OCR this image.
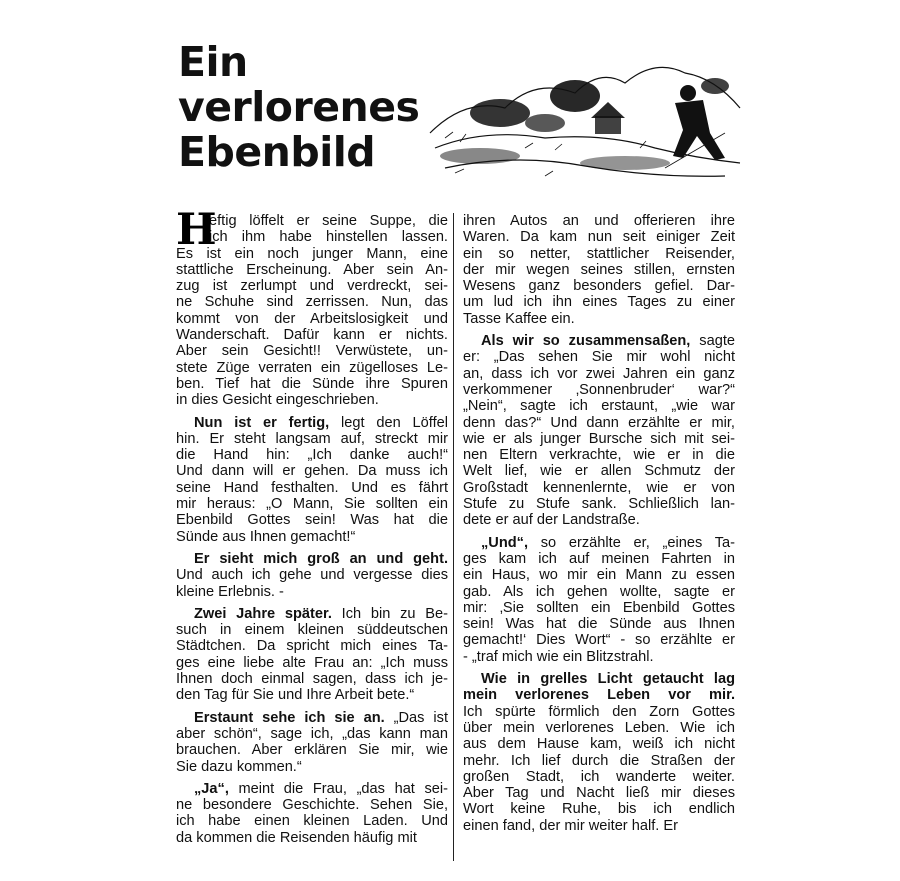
Ein
verlorenes
Ebenbild
H
eftig löffelt er seine Suppe, die
ich ihm habe hinstellen lassen.
Es ist ein noch junger Mann, eine
stattliche Erscheinung. Aber sein An-
zug ist zerlumpt und verdreckt, sei-
ne Schuhe sind zerrissen. Nun, das
kommt von der Arbeitslosigkeit und
Wanderschaft. Dafür kann er nichts.
Aber sein Gesicht!! Verwüstete, un-
stete Züge verraten ein zügelloses Le-
ben. Tief hat die Sünde ihre Spuren
in dies Gesicht eingeschrieben.
Nun ist er fertig, legt den Löffel
hin. Er steht langsam auf, streckt mir
die Hand hin: „Ich danke auch!“
Und dann will er gehen. Da muss ich
seine Hand festhalten. Und es fährt
mir heraus: „O Mann, Sie sollten ein
Ebenbild Gottes sein! Was hat die
Sünde aus Ihnen gemacht!“
Er sieht mich groß an und geht.
Und auch ich gehe und vergesse dies
kleine Erlebnis. -
Zwei Jahre später. Ich bin zu Be-
such in einem kleinen süddeutschen
Städtchen. Da spricht mich eines Ta-
ges eine liebe alte Frau an: „Ich muss
Ihnen doch einmal sagen, dass ich je-
den Tag für Sie und Ihre Arbeit bete.“
Erstaunt sehe ich sie an. „Das ist
aber schön“, sage ich, „das kann man
brauchen. Aber erklären Sie mir, wie
Sie dazu kommen.“
„Ja“, meint die Frau, „das hat sei-
ne besondere Geschichte. Sehen Sie,
ich habe einen kleinen Laden. Und
da kommen die Reisenden häufig mit
ihren Autos an und offerieren ihre
Waren. Da kam nun seit einiger Zeit
ein so netter, stattlicher Reisender,
der mir wegen seines stillen, ernsten
Wesens ganz besonders gefiel. Dar-
um lud ich ihn eines Tages zu einer
Tasse Kaffee ein.
Als wir so zusammensaßen, sagte
er: „Das sehen Sie mir wohl nicht
an, dass ich vor zwei Jahren ein ganz
verkommener ‚Sonnenbruder‘ war?“
„Nein“, sagte ich erstaunt, „wie war
denn das?“ Und dann erzählte er mir,
wie er als junger Bursche sich mit sei-
nen Eltern verkrachte, wie er in die
Welt lief, wie er allen Schmutz der
Großstadt kennenlernte, wie er von
Stufe zu Stufe sank. Schließlich lan-
dete er auf der Landstraße.
„Und“, so erzählte er, „eines Ta-
ges kam ich auf meinen Fahrten in
ein Haus, wo mir ein Mann zu essen
gab. Als ich gehen wollte, sagte er
mir: ‚Sie sollten ein Ebenbild Gottes
sein! Was hat die Sünde aus Ihnen
gemacht!‘ Dies Wort“ - so erzählte er
- „traf mich wie ein Blitzstrahl.
Wie in grelles Licht getaucht lag
mein verlorenes Leben vor mir.
Ich spürte förmlich den Zorn Gottes
über mein verlorenes Leben. Wie ich
aus dem Hause kam, weiß ich nicht
mehr. Ich lief durch die Straßen der
großen Stadt, ich wanderte weiter.
Aber Tag und Nacht ließ mir dieses
Wort keine Ruhe, bis ich endlich
einen fand, der mir weiter half. Er
